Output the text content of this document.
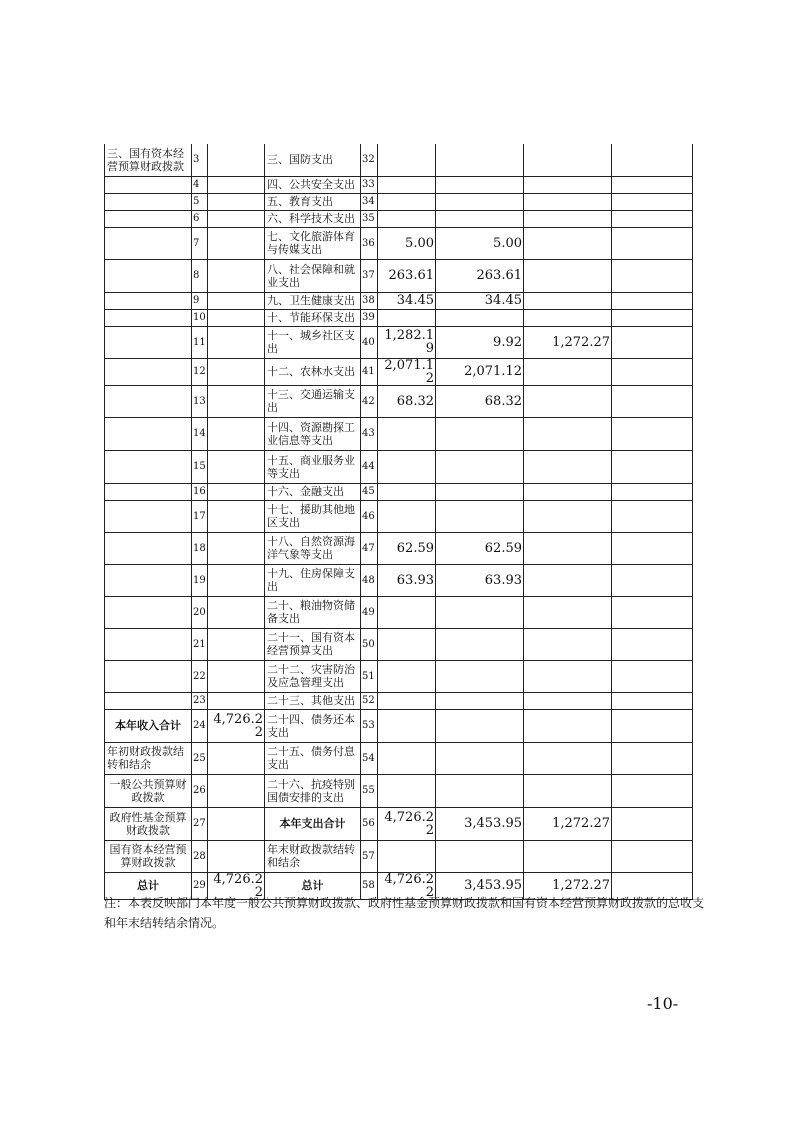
三、国有资本经营预算财政拨款	3		三、国防支出	32				
	4		四、公共安全支出	33				
	5		五、教育支出	34				
	6		六、科学技术支出	35				
	7		七、文化旅游体育与传媒支出	36	5.00	5.00		
	8		八、社会保障和就业支出	37	263.61	263.61		
	9		九、卫生健康支出	38	34.45	34.45		
	10		十、节能环保支出	39				
	11		十一、城乡社区支出	40	1,282.19	9.92	1,272.27	
	12		十二、农林水支出	41	2,071.12	2,071.12		
	13		十三、交通运输支出	42	68.32	68.32		
	14		十四、资源勘探工业信息等支出	43				
	15		十五、商业服务业等支出	44				
	16		十六、金融支出	45				
	17		十七、援助其他地区支出	46				
	18		十八、自然资源海洋气象等支出	47	62.59	62.59		
	19		十九、住房保障支出	48	63.93	63.93		
	20		二十、粮油物资储备支出	49				
	21		二十一、国有资本经营预算支出	50				
	22		二十二、灾害防治及应急管理支出	51				
	23		二十三、其他支出	52				
本年收入合计	24	4,726.22	二十四、债务还本支出	53				
年初财政拨款结转和结余	25		二十五、债务付息支出	54				
一般公共预算财政拨款	26		二十六、抗疫特别国债安排的支出	55				
政府性基金预算财政拨款	27		本年支出合计	56	4,726.22	3,453.95	1,272.27	
国有资本经营预算财政拨款	28		年末财政拨款结转和结余	57				
总计	29	4,726.22	总计	58	4,726.22	3,453.95	1,272.27	
注：本表反映部门本年度一般公共预算财政拨款、政府性基金预算财政拨款和国有资本经营预算财政拨款的总收支和年末结转结余情况。
-10-
